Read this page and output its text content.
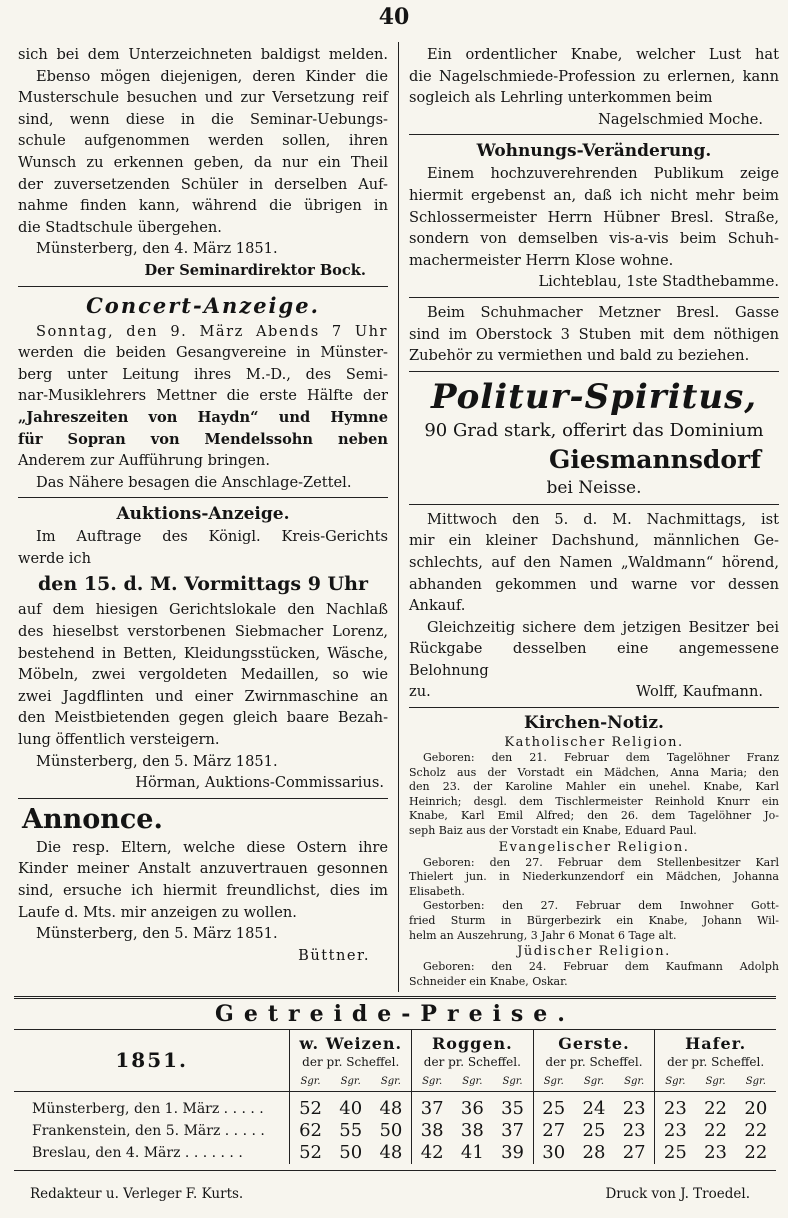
40

sich bei dem Unterzeichneten baldigst melden.

Ebenso mögen diejenigen, deren Kinder die

Musterschule besuchen und zur Versetzung reif

sind, wenn diese in die Seminar-Uebungs-

schule aufgenommen werden sollen, ihren

Wunsch zu erkennen geben, da nur ein Theil

der zuversetzenden Schüler in derselben Auf-

nahme finden kann, während die übrigen in

die Stadtschule übergehen.

Münsterberg, den 4. März 1851.

Der Seminardirektor Bock.

Concert-Anzeige.

Sonntag, den 9. März Abends 7 Uhr

werden die beiden Gesangvereine in Münster-

berg unter Leitung ihres M.-D., des Semi-

nar-Musiklehrers Mettner die erste Hälfte der

„Jahreszeiten von Haydn“ und Hymne

für Sopran von Mendelssohn neben

Anderem zur Aufführung bringen.

Das Nähere besagen die Anschlage-Zettel.

Auktions-Anzeige.

Im Auftrage des Königl. Kreis-Gerichts

werde ich

den 15. d. M. Vormittags 9 Uhr

auf dem hiesigen Gerichtslokale den Nachlaß

des hieselbst verstorbenen Siebmacher Lorenz,

bestehend in Betten, Kleidungsstücken, Wäsche,

Möbeln, zwei vergoldeten Medaillen, so wie

zwei Jagdflinten und einer Zwirnmaschine an

den Meistbietenden gegen gleich baare Bezah-

lung öffentlich versteigern.

Münsterberg, den 5. März 1851.

Hörman, Auktions-Commissarius.

Annonce.

Die resp. Eltern, welche diese Ostern ihre

Kinder meiner Anstalt anzuvertrauen gesonnen

sind, ersuche ich hiermit freundlichst, dies im

Laufe d. Mts. mir anzeigen zu wollen.

Münsterberg, den 5. März 1851.

Büttner.

Ein ordentlicher Knabe, welcher Lust hat

die Nagelschmiede-Profession zu erlernen, kann

sogleich als Lehrling unterkommen beim

Nagelschmied Moche.

Wohnungs-Veränderung.

Einem hochzuverehrenden Publikum zeige

hiermit ergebenst an, daß ich nicht mehr beim

Schlossermeister Herrn Hübner Bresl. Straße,

sondern von demselben vis-a-vis beim Schuh-

machermeister Herrn Klose wohne.

Lichteblau, 1ste Stadthebamme.

Beim Schuhmacher Metzner Bresl. Gasse

sind im Oberstock 3 Stuben mit dem nöthigen

Zubehör zu vermiethen und bald zu beziehen.

Politur-Spiritus,

90 Grad stark, offerirt das Dominium

Giesmannsdorf

bei Neisse.

Mittwoch den 5. d. M. Nachmittags, ist

mir ein kleiner Dachshund, männlichen Ge-

schlechts, auf den Namen „Waldmann“ hörend,

abhanden gekommen und warne vor dessen

Ankauf.

Gleichzeitig sichere dem jetzigen Besitzer bei

Rückgabe desselben eine angemessene Belohnung

zu.	Wolff, Kaufmann.

Kirchen-Notiz.

Katholischer Religion.

Geboren: den 21. Februar dem Tagelöhner Franz

Scholz aus der Vorstadt ein Mädchen, Anna Maria; den

den 23. der Karoline Mahler ein unehel. Knabe, Karl

Heinrich; desgl. dem Tischlermeister Reinhold Knurr ein

Knabe, Karl Emil Alfred; den 26. dem Tagelöhner Jo-

seph Baiz aus der Vorstadt ein Knabe, Eduard Paul.

Evangelischer Religion.

Geboren: den 27. Februar dem Stellenbesitzer Karl

Thielert jun. in Niederkunzendorf ein Mädchen, Johanna

Elisabeth.

Gestorben: den 27. Februar dem Inwohner Gott-

fried Sturm in Bürgerbezirk ein Knabe, Johann Wil-

helm an Auszehrung, 3 Jahr 6 Monat 6 Tage alt.

Jüdischer Religion.

Geboren: den 24. Februar dem Kaufmann Adolph

Schneider ein Knabe, Oskar.

Getreide-Preise.
1851.	w. Weizen.			Roggen.			Gerste.			Hafer.		
	der pr. Scheffel.			der pr. Scheffel.			der pr. Scheffel.			der pr. Scheffel.		
	Sgr.	Sgr.	Sgr.	Sgr.	Sgr.	Sgr.	Sgr.	Sgr.	Sgr.	Sgr.	Sgr.	Sgr.
Münsterberg, den 1. März . . . . .	52	40	48	37	36	35	25	24	23	23	22	20
Frankenstein, den 5. März . . . . .	62	55	50	38	38	37	27	25	23	23	22	22
Breslau, den 4. März . . . . . . .	52	50	48	42	41	39	30	28	27	25	23	22
Redakteur u. Verleger F. Kurts.	Druck von J. Troedel.
